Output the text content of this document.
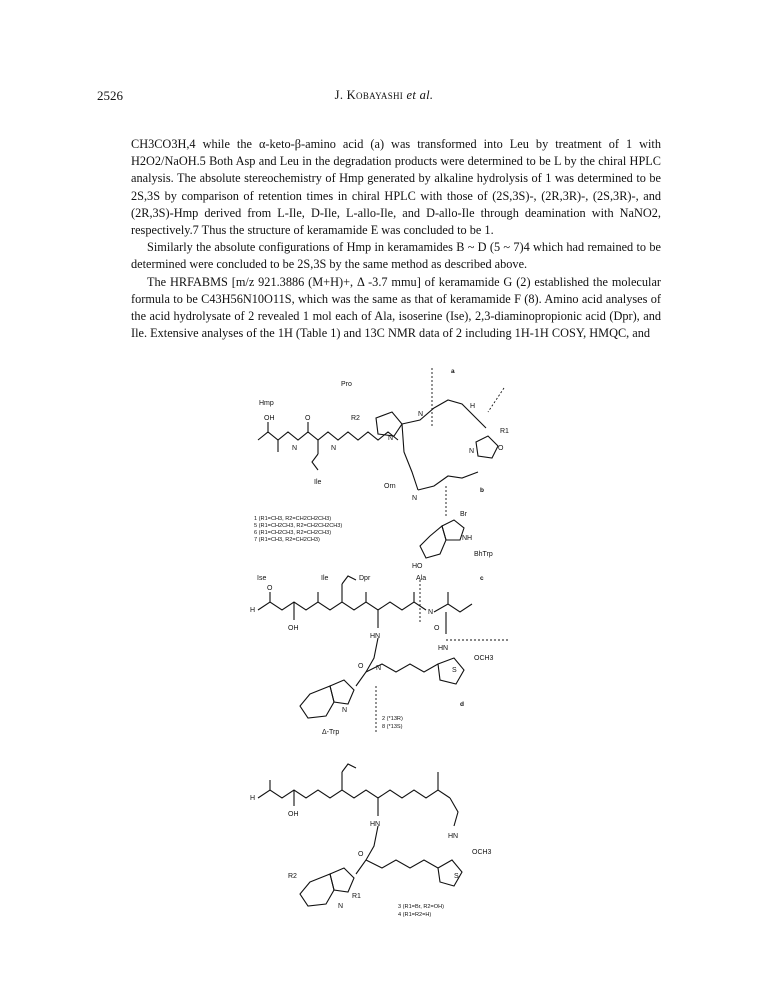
2526	J. Kobayashi et al.

CH3CO3H,4 while the α-keto-β-amino acid (a) was transformed into Leu by treatment of 1 with H2O2/NaOH.5 Both Asp and Leu in the degradation products were determined to be L by the chiral HPLC analysis. The absolute stereochemistry of Hmp generated by alkaline hydrolysis of 1 was determined to be 2S,3S by comparison of retention times in chiral HPLC with those of (2S,3S)-, (2R,3R)-, (2S,3R)-, and (2R,3S)-Hmp derived from L-Ile, D-Ile, L-allo-Ile, and D-allo-Ile through deamination with NaNO2, respectively.7 Thus the structure of keramamide E was concluded to be 1.

Similarly the absolute configurations of Hmp in keramamides B ~ D (5 ~ 7)4 which had remained to be determined were concluded to be 2S,3S by the same method as described above.

The HRFABMS [m/z 921.3886 (M+H)+, Δ -3.7 mmu] of keramamide G (2) established the molecular formula to be C43H56N10O11S, which was the same as that of keramamide F (8). Amino acid analyses of the acid hydrolysate of 2 revealed 1 mol each of Ala, isoserine (Ise), 2,3-diaminopropionic acid (Dpr), and Ile. Extensive analyses of the 1H (Table 1) and 13C NMR data of 2 including 1H-1H COSY, HMQC, and

Pro
Hmp
a
b
OH	O
N
R2
N
Ile
N
N
H
N	O
R1
Orn
N
Br
NH
BhTrp
HO
1 (R1=CH3, R2=CH2CH2CH3)
5 (R1=CH2CH3, R2=CH2CH2CH3)
6 (R1=CH2CH3, R2=CH2CH3)
7 (R1=CH3, R2=CH2CH3)
Ise	Ile	Dpr	Ala	c
O
H
OH
HN
N
O
HN
O
N
Δ-Trp
N	S
OCH3
d
2 (*13R)
8 (*13S)
H
OH
HN
HN
O
S
OCH3
R2
R1
N	3 (R1=Br, R2=OH)
4 (R1=R2=H)
